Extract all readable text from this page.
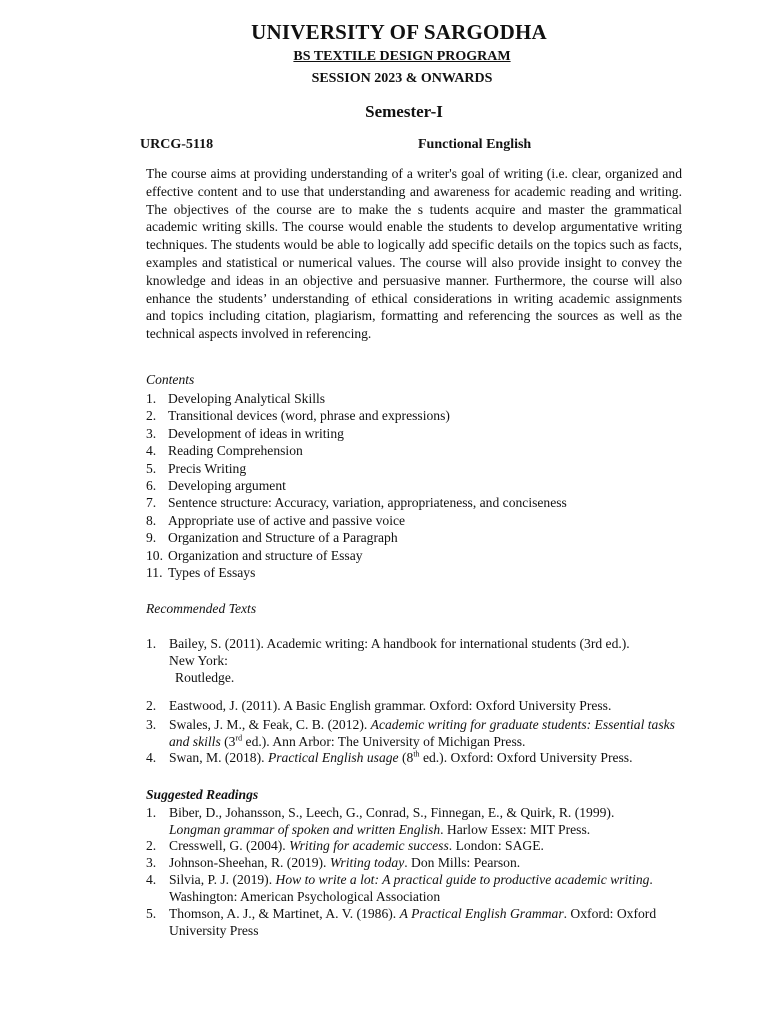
UNIVERSITY OF SARGODHA
BS TEXTILE DESIGN PROGRAM
SESSION 2023 & ONWARDS
Semester-I
URCG-5118	Functional English

The course aims at providing understanding of a writer's goal of writing (i.e. clear, organized and effective content and to use that understanding and awareness for academic reading and writing. The objectives of the course are to make the s tudents acquire and master the grammatical academic writing skills. The course would enable the students to develop argumentative writing techniques. The students would be able to logically add specific details on the topics such as facts, examples and statistical or numerical values. The course will also provide insight to convey the knowledge and ideas in an objective and persuasive manner. Furthermore, the course will also enhance the students’ understanding of ethical considerations in writing academic assignments and topics including citation, plagiarism, formatting and referencing the sources as well as the technical aspects involved in referencing.

Contents
1. Developing Analytical Skills
2. Transitional devices (word, phrase and expressions)
3. Development of ideas in writing
4. Reading Comprehension
5. Precis Writing
6. Developing argument
7. Sentence structure: Accuracy, variation, appropriateness, and conciseness
8. Appropriate use of active and passive voice
9. Organization and Structure of a Paragraph
10. Organization and structure of Essay
11. Types of Essays
Recommended Texts
1. Bailey, S. (2011). Academic writing: A handbook for international students (3rd ed.).
New York:

Routledge.
2. Eastwood, J. (2011). A Basic English grammar. Oxford: Oxford University Press.
3. Swales, J. M., & Feak, C. B. (2012). Academic writing for graduate students: Essential tasks and skills (3rd ed.). Ann Arbor: The University of Michigan Press.
4. Swan, M. (2018). Practical English usage (8th ed.). Oxford: Oxford University Press.
Suggested Readings
1. Biber, D., Johansson, S., Leech, G., Conrad, S., Finnegan, E., & Quirk, R. (1999).
Longman grammar of spoken and written English. Harlow Essex: MIT Press.
2. Cresswell, G. (2004). Writing for academic success. London: SAGE.
3. Johnson-Sheehan, R. (2019). Writing today. Don Mills: Pearson.
4. Silvia, P. J. (2019). How to write a lot: A practical guide to productive academic writing.
Washington: American Psychological Association
5. Thomson, A. J., & Martinet, A. V. (1986). A Practical English Grammar. Oxford: Oxford
University Press
